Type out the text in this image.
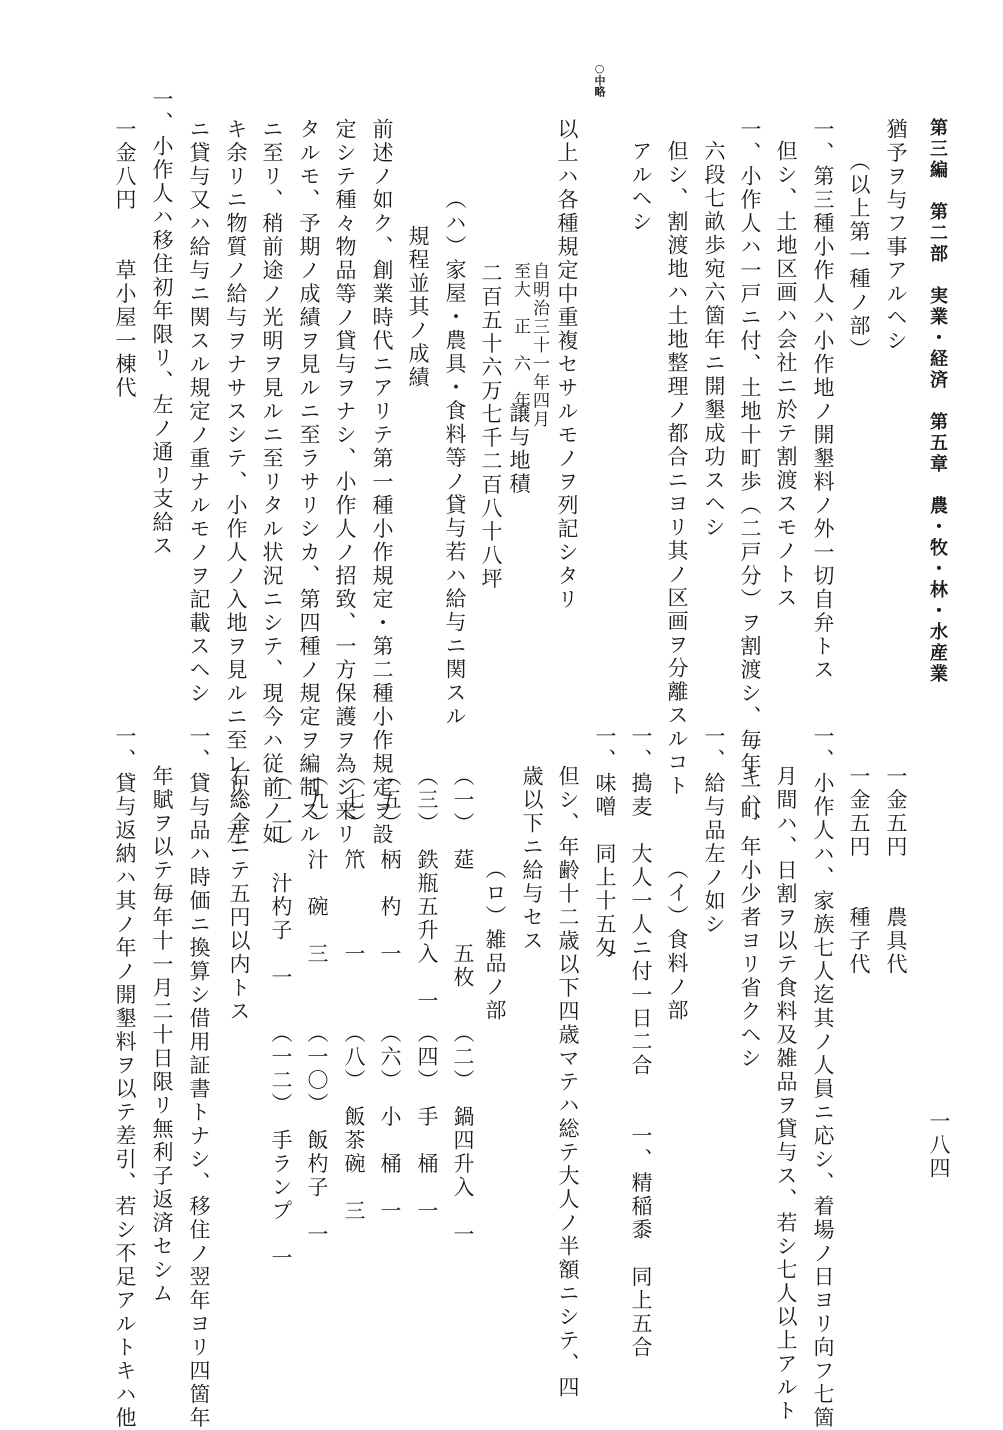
第三編　第二部　実業・経済　第五章　農・牧・林・水産業
猶予ヲ与フ事アルヘシ
（以上第一種ノ部）
一、第三種小作人ハ小作地ノ開墾料ノ外一切自弁トス
但シ、土地区画ハ会社ニ於テ割渡スモノトス
一、小作人ハ一戸ニ付、土地十町歩（二戸分）ヲ割渡シ、毎年一町
六段七畝歩宛六箇年ニ開墾成功スヘシ
但シ、割渡地ハ土地整理ノ都合ニヨリ其ノ区画ヲ分離スルコト
アルヘシ
○中略
以上ハ各種規定中重複セサルモノヲ列記シタリ
自明治三十一年四月
至大　正　六　年
譲与地積
二百五十六万七千二百八十八坪
（ハ）家屋・農具・食料等ノ貸与若ハ給与ニ関スル
規程並其ノ成績
前述ノ如ク、創業時代ニアリテ第一種小作規定・第二種小作規定ヲ設
定シテ種々物品等ノ貸与ヲナシ、小作人ノ招致、一方保護ヲ為シ来リ
タルモ、予期ノ成績ヲ見ルニ至ラサリシカ、第四種ノ規定ヲ編制スル
ニ至リ、稍前途ノ光明ヲ見ルニ至リタル状況ニシテ、現今ハ従前ノ如
キ余リニ物質ノ給与ヲナサスシテ、小作人ノ入地ヲ見ルニ至レリ、左
ニ貸与又ハ給与ニ関スル規定ノ重ナルモノヲ記載スヘシ
一、小作人ハ移住初年限リ、左ノ通リ支給ス
一金八円　　草小屋一棟代
一八四
一金五円　　農具代
一金五円　　種子代
一、小作人ハ、家族七人迄其ノ人員ニ応シ、着場ノ日ヨリ向フ七箇
月間ハ、日割ヲ以テ食料及雑品ヲ貸与ス、若シ七人以上アルト
キハ、年小少者ヨリ省クヘシ
一、給与品左ノ如シ
（イ）食料ノ部
一、搗麦　大人一人ニ付一日二合　　一、精稲黍　同上五合
一、味噌　同上十五匁
但シ、年齢十二歳以下四歳マテハ総テ大人ノ半額ニシテ、四
歳以下ニ給与セス
（ロ）雑品ノ部
（一）　莚　　　五枚
（二）　鍋四升入　一
（三）　鉄瓶五升入　一
（四）　手　桶　一
（五）　柄　杓　一
（六）　小　桶　一
（七）　笊　　　一
（八）　飯茶碗　三
（九）　汁　碗　三
（一〇）　飯杓子　一
（一一）　汁杓子　一
（一二）　手ランプ　一
右総金ニテ五円以内トス
一、貸与品ハ時価ニ換算シ借用証書トナシ、移住ノ翌年ヨリ四箇年
年賦ヲ以テ毎年十一月二十日限リ無利子返済セシム
一、貸与返納ハ其ノ年ノ開墾料ヲ以テ差引、若シ不足アルトキハ他
